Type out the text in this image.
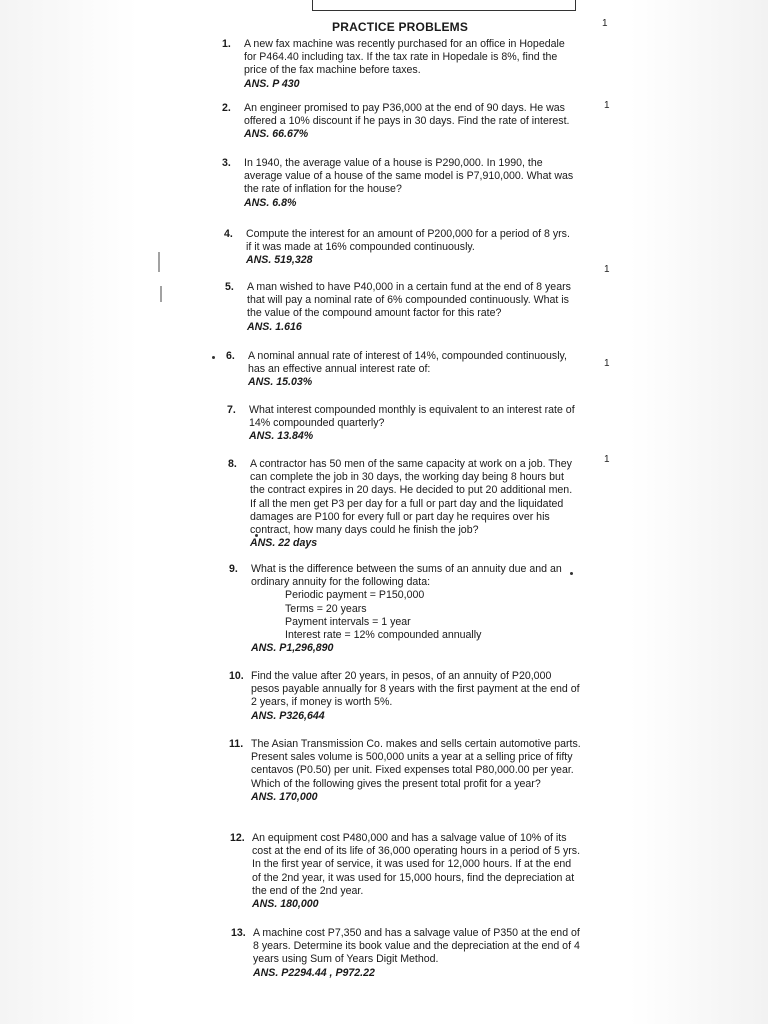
PRACTICE PROBLEMS	1
1
1
1
1
1.	A new fax machine was recently purchased for an office in Hopedale for P464.40 including tax. If the tax rate in Hopedale is 8%, find the price of the fax machine before taxes.
ANS. P 430
2.	An engineer promised to pay P36,000 at the end of 90 days. He was offered a 10% discount if he pays in 30 days. Find the rate of interest.
ANS. 66.67%
3.	In 1940, the average value of a house is P290,000. In 1990, the average value of a house of the same model is P7,910,000. What was the rate of inflation for the house?
ANS. 6.8%
4.	Compute the interest for an amount of P200,000 for a period of 8 yrs. if it was made at 16% compounded continuously.
ANS. 519,328
5.	A man wished to have P40,000 in a certain fund at the end of 8 years that will pay a nominal rate of 6% compounded continuously. What is the value of the compound amount factor for this rate?
ANS. 1.616
6.	A nominal annual rate of interest of 14%, compounded continuously, has an effective annual interest rate of:
ANS. 15.03%
7.	What interest compounded monthly is equivalent to an interest rate of 14% compounded quarterly?
ANS. 13.84%
8.	A contractor has 50 men of the same capacity at work on a job. They can complete the job in 30 days, the working day being 8 hours but the contract expires in 20 days. He decided to put 20 additional men. If all the men get P3 per day for a full or part day and the liquidated damages are P100 for every full or part day he requires over his contract, how many days could he finish the job?
ANS. 22 days
9.	What is the difference between the sums of an annuity due and an ordinary annuity for the following data:
Periodic payment = P150,000
Terms = 20 years
Payment intervals = 1 year
Interest rate = 12% compounded annually
ANS. P1,296,890
10. Find the value after 20 years, in pesos, of an annuity of P20,000 pesos payable annually for 8 years with the first payment at the end of 2 years, if money is worth 5%.
ANS. P326,644
11. The Asian Transmission Co. makes and sells certain automotive parts. Present sales volume is 500,000 units a year at a selling price of fifty centavos (P0.50) per unit. Fixed expenses total P80,000.00 per year. Which of the following gives the present total profit for a year?
ANS. 170,000
12. An equipment cost P480,000 and has a salvage value of 10% of its cost at the end of its life of 36,000 operating hours in a period of 5 yrs. In the first year of service, it was used for 12,000 hours. If at the end of the 2nd year, it was used for 15,000 hours, find the depreciation at the end of the 2nd year.
ANS. 180,000
13. A machine cost P7,350 and has a salvage value of P350 at the end of 8 years. Determine its book value and the depreciation at the end of 4 years using Sum of Years Digit Method.
ANS. P2294.44 , P972.22
